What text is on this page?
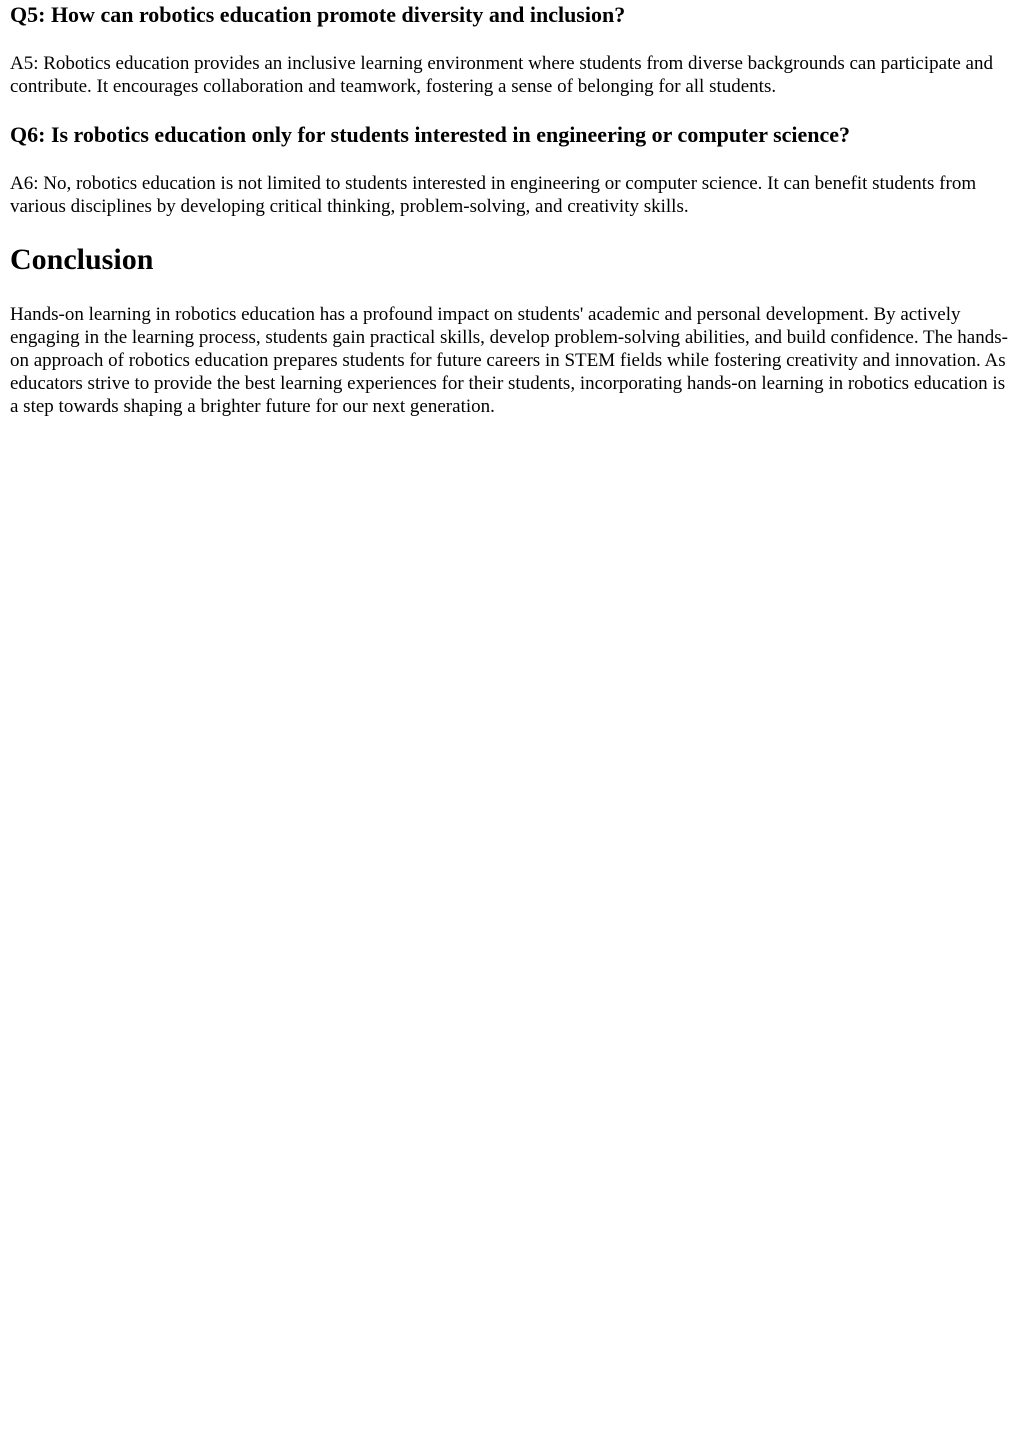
Q5: How can robotics education promote diversity and inclusion?

A5: Robotics education provides an inclusive learning environment where students from diverse backgrounds can participate and contribute. It encourages collaboration and teamwork, fostering a sense of belonging for all students.

Q6: Is robotics education only for students interested in engineering or computer science?

A6: No, robotics education is not limited to students interested in engineering or computer science. It can benefit students from various disciplines by developing critical thinking, problem-solving, and creativity skills.

Conclusion

Hands-on learning in robotics education has a profound impact on students' academic and personal development. By actively engaging in the learning process, students gain practical skills, develop problem-solving abilities, and build confidence. The hands-on approach of robotics education prepares students for future careers in STEM fields while fostering creativity and innovation. As educators strive to provide the best learning experiences for their students, incorporating hands-on learning in robotics education is a step towards shaping a brighter future for our next generation.
